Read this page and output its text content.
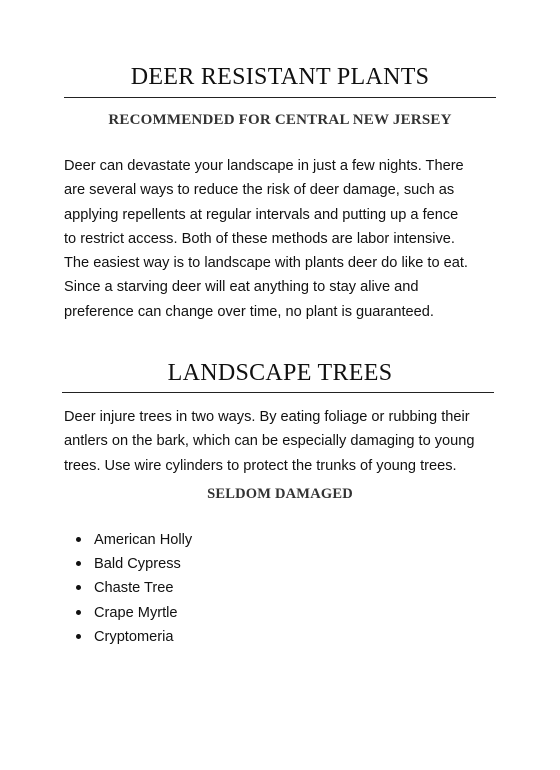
DEER RESISTANT PLANTS
RECOMMENDED FOR CENTRAL NEW JERSEY
Deer can devastate your landscape in just a few nights. There
are several ways to reduce the risk of deer damage, such as
applying repellents at regular intervals and putting up a fence
to restrict access. Both of these methods are labor intensive.
The easiest way is to landscape with plants deer do like to eat.
Since a starving deer will eat anything to stay alive and
preference can change over time, no plant is guaranteed.
LANDSCAPE TREES
Deer injure trees in two ways. By eating foliage or rubbing their
antlers on the bark, which can be especially damaging to young
trees. Use wire cylinders to protect the trunks of young trees.
SELDOM DAMAGED
American Holly
Bald Cypress
Chaste Tree
Crape Myrtle
Cryptomeria
